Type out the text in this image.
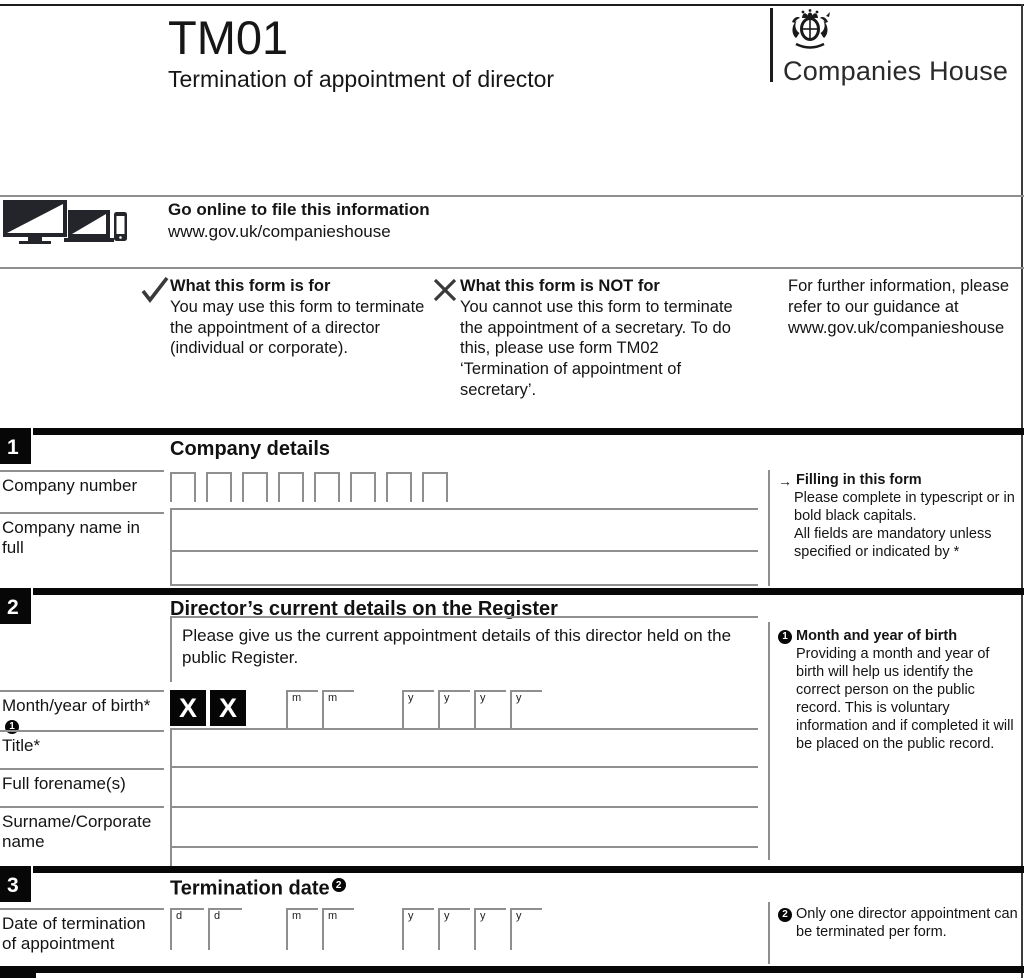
TM01
Termination of appointment of director	Companies House
Go online to file this information
www.gov.uk/companieshouse
What this form is for
You may use this form to terminate the appointment of a director (individual or corporate).
What this form is NOT for
You cannot use this form to terminate the appointment of a secretary. To do this, please use form TM02 ‘Termination of appointment of secretary’.
For further information, please refer to our guidance at www.gov.uk/companieshouse
1	Company details
Company number
Company name in full
→ Filling in this form
Please complete in typescript or in bold black capitals.
All fields are mandatory unless specified or indicated by *
2	Director’s current details on the Register
Please give us the current appointment details of this director held on the public Register.
Month/year of birth*1
X X	m	m	y	y	y	y
Title*
Full forename(s)
Surname/Corporate name
1 Month and year of birth
Providing a month and year of birth will help us identify the correct person on the public record. This is voluntary information and if completed it will be placed on the public record.
3	Termination date 2
Date of termination of appointment
d	d	m	m	y	y	y	y	2 Only one director appointment can be terminated per form.
